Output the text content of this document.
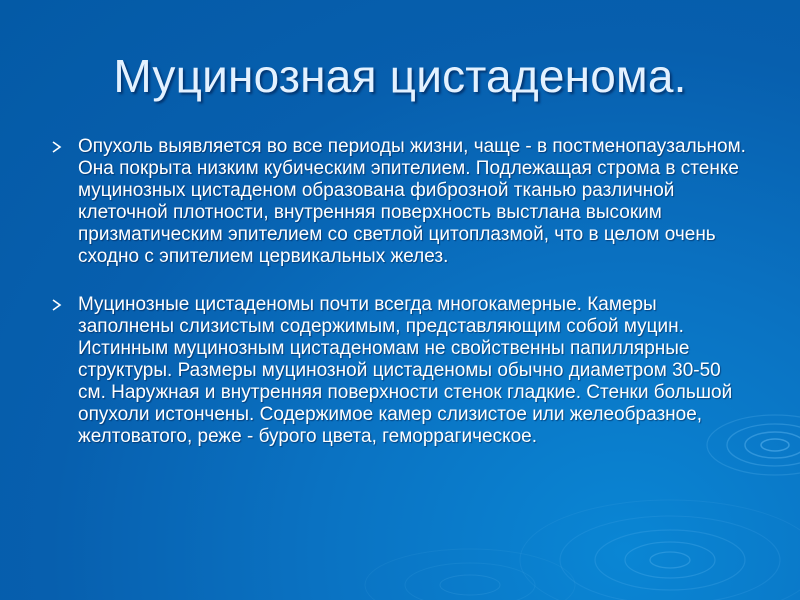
Муцинозная цистаденома.
Опухоль выявляется во все периоды жизни, чаще - в постменопаузальном. Она покрыта низким кубическим эпителием. Подлежащая строма в стенке муцинозных цистаденом образована фиброзной тканью различной клеточной плотности, внутренняя поверхность выстлана высоким призматическим эпителием со светлой цитоплазмой, что в целом очень сходно с эпителием цервикальных желез.
Муцинозные цистаденомы почти всегда многокамерные. Камеры заполнены слизистым содержимым, представляющим собой муцин. Истинным муцинозным цистаденомам не свойственны папиллярные структуры. Размеры муцинозной цистаденомы обычно диаметром 30-50 см. Наружная и внутренняя поверхности стенок гладкие. Стенки большой опухоли истончены. Содержимое камер слизистое или желеобразное, желтоватого, реже - бурого цвета, геморрагическое.
